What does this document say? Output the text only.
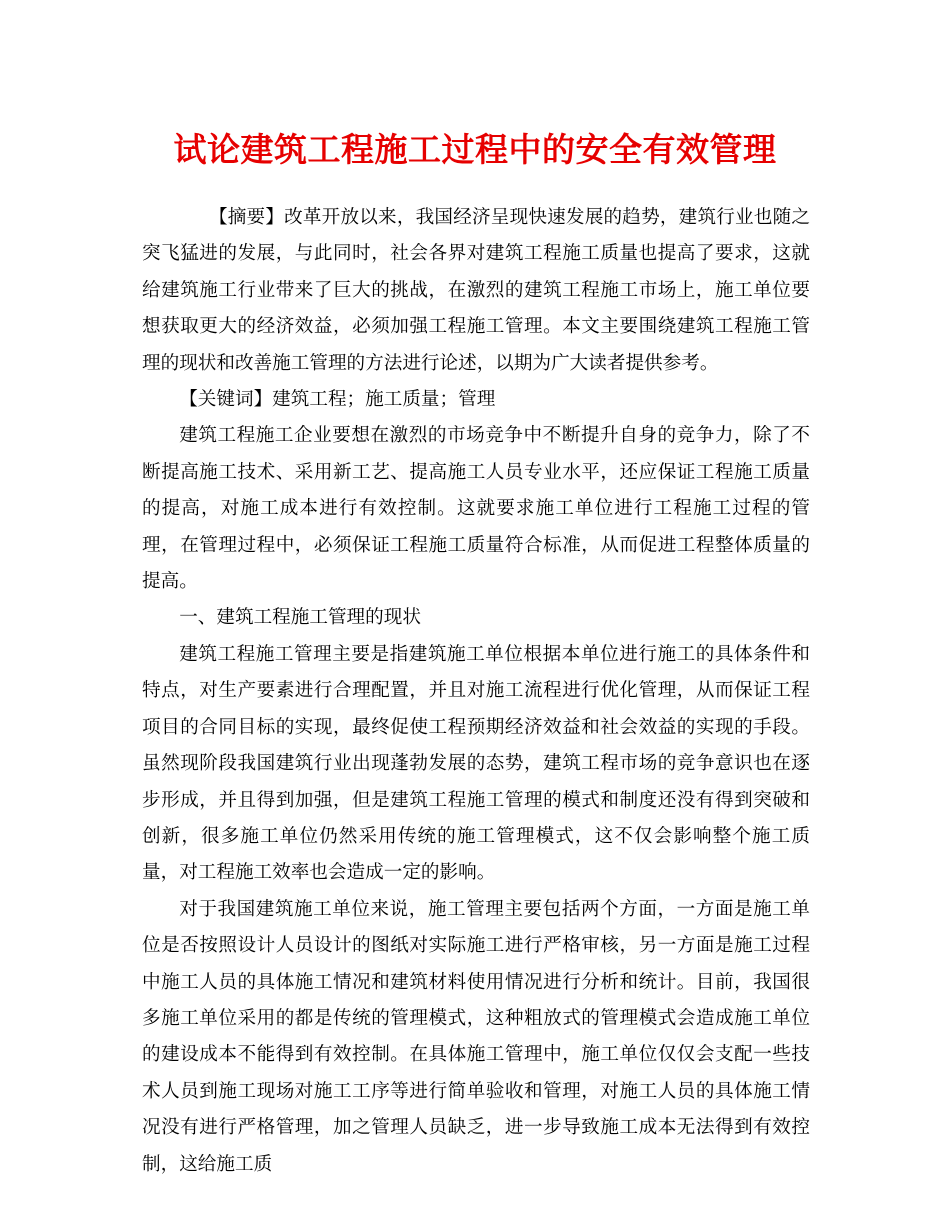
试论建筑工程施工过程中的安全有效管理

【摘要】改革开放以来，我国经济呈现快速发展的趋势，建筑行业也随之突飞猛进的发展，与此同时，社会各界对建筑工程施工质量也提高了要求，这就给建筑施工行业带来了巨大的挑战，在激烈的建筑工程施工市场上，施工单位要想获取更大的经济效益，必须加强工程施工管理。本文主要围绕建筑工程施工管理的现状和改善施工管理的方法进行论述，以期为广大读者提供参考。

【关键词】建筑工程；施工质量；管理

建筑工程施工企业要想在激烈的市场竞争中不断提升自身的竞争力，除了不断提高施工技术、采用新工艺、提高施工人员专业水平，还应保证工程施工质量的提高，对施工成本进行有效控制。这就要求施工单位进行工程施工过程的管理，在管理过程中，必须保证工程施工质量符合标准，从而促进工程整体质量的提高。

一、建筑工程施工管理的现状

建筑工程施工管理主要是指建筑施工单位根据本单位进行施工的具体条件和特点，对生产要素进行合理配置，并且对施工流程进行优化管理，从而保证工程项目的合同目标的实现，最终促使工程预期经济效益和社会效益的实现的手段。虽然现阶段我国建筑行业出现蓬勃发展的态势，建筑工程市场的竞争意识也在逐步形成，并且得到加强，但是建筑工程施工管理的模式和制度还没有得到突破和创新，很多施工单位仍然采用传统的施工管理模式，这不仅会影响整个施工质量，对工程施工效率也会造成一定的影响。

对于我国建筑施工单位来说，施工管理主要包括两个方面，一方面是施工单位是否按照设计人员设计的图纸对实际施工进行严格审核，另一方面是施工过程中施工人员的具体施工情况和建筑材料使用情况进行分析和统计。目前，我国很多施工单位采用的都是传统的管理模式，这种粗放式的管理模式会造成施工单位的建设成本不能得到有效控制。在具体施工管理中，施工单位仅仅会支配一些技术人员到施工现场对施工工序等进行简单验收和管理，对施工人员的具体施工情况没有进行严格管理，加之管理人员缺乏，进一步导致施工成本无法得到有效控制，这给施工质
